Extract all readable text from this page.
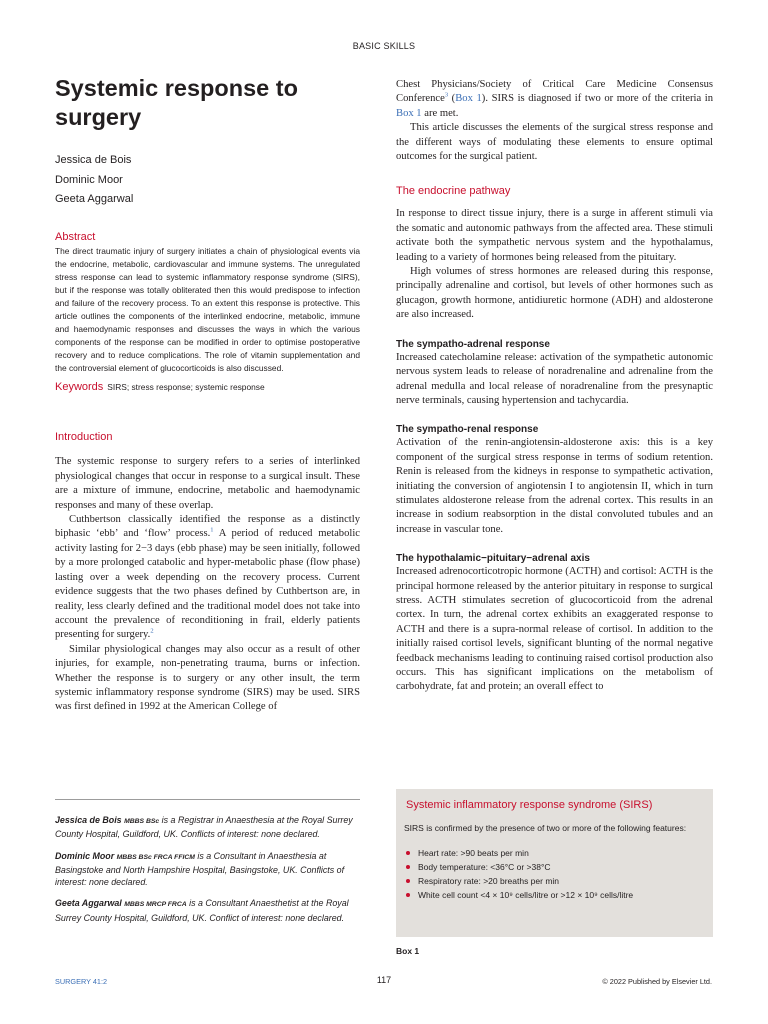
BASIC SKILLS
Systemic response to surgery
Jessica de Bois
Dominic Moor
Geeta Aggarwal
Abstract

The direct traumatic injury of surgery initiates a chain of physiological events via the endocrine, metabolic, cardiovascular and immune systems. The unregulated stress response can lead to systemic inflammatory response syndrome (SIRS), but if the response was totally obliterated then this would predispose to infection and failure of the recovery process. To an extent this response is protective. This article outlines the components of the interlinked endocrine, metabolic, immune and haemodynamic responses and discusses the ways in which the various components of the response can be modified in order to optimise postoperative recovery and to reduce complications. The role of vitamin supplementation and the controversial element of glucocorticoids is also discussed.

Keywords SIRS; stress response; systemic response
Introduction

The systemic response to surgery refers to a series of interlinked physiological changes that occur in response to a surgical insult. These are a mixture of immune, endocrine, metabolic and haemodynamic responses and many of these overlap.

Cuthbertson classically identified the response as a distinctly biphasic ‘ebb’ and ‘flow’ process.$^1$ A period of reduced metabolic activity lasting for 2−3 days (ebb phase) may be seen initially, followed by a more prolonged catabolic and hyper-metabolic phase (flow phase) lasting over a week depending on the recovery process. Current evidence suggests that the two phases defined by Cuthbertson are, in reality, less clearly defined and the traditional model does not take into account the prevalence of reconditioning in frail, elderly patients presenting for surgery.$^2$

Similar physiological changes may also occur as a result of other injuries, for example, non-penetrating trauma, burns or infection. Whether the response is to surgery or any other insult, the term systemic inflammatory response syndrome (SIRS) may be used. SIRS was first defined in 1992 at the American College of

Chest Physicians/Society of Critical Care Medicine Consensus Conference$^3$ (Box 1). SIRS is diagnosed if two or more of the criteria in Box 1 are met.

This article discusses the elements of the surgical stress response and the different ways of modulating these elements to ensure optimal outcomes for the surgical patient.

The endocrine pathway

In response to direct tissue injury, there is a surge in afferent stimuli via the somatic and autonomic pathways from the affected area. These stimuli activate both the sympathetic nervous system and the hypothalamus, leading to a variety of hormones being released from the pituitary.

High volumes of stress hormones are released during this response, principally adrenaline and cortisol, but levels of other hormones such as glucagon, growth hormone, antidiuretic hormone (ADH) and aldosterone are also increased.

The sympatho-adrenal response

Increased catecholamine release: activation of the sympathetic autonomic nervous system leads to release of noradrenaline and adrenaline from the adrenal medulla and local release of noradrenaline from the presynaptic nerve terminals, causing hypertension and tachycardia.

The sympatho-renal response

Activation of the renin-angiotensin-aldosterone axis: this is a key component of the surgical stress response in terms of sodium retention. Renin is released from the kidneys in response to sympathetic activation, initiating the conversion of angiotensin I to angiotensin II, which in turn stimulates aldosterone release from the adrenal cortex. This results in an increase in sodium reabsorption in the distal convoluted tubules and an increase in vascular tone.

The hypothalamic−pituitary−adrenal axis

Increased adrenocorticotropic hormone (ACTH) and cortisol: ACTH is the principal hormone released by the anterior pituitary in response to surgical stress. ACTH stimulates secretion of glucocorticoid from the adrenal cortex. In turn, the adrenal cortex exhibits an exaggerated response to ACTH and there is a supra-normal release of cortisol. In addition to the initially raised cortisol levels, significant blunting of the normal negative feedback mechanisms leading to continuing raised cortisol production also occurs. This has significant implications on the metabolism of carbohydrate, fat and protein; an overall effect to

Jessica de Bois MBBS BSc is a Registrar in Anaesthesia at the Royal Surrey County Hospital, Guildford, UK. Conflicts of interest: none declared.

Dominic Moor MBBS BSc FRCA FFICM is a Consultant in Anaesthesia at Basingstoke and North Hampshire Hospital, Basingstoke, UK. Conflicts of interest: none declared.

Geeta Aggarwal MBBS MRCP FRCA is a Consultant Anaesthetist at the Royal Surrey County Hospital, Guildford, UK. Conflict of interest: none declared.

Systemic inflammatory response syndrome (SIRS)

SIRS is confirmed by the presence of two or more of the following features:

Heart rate: >90 beats per min
Body temperature: <36°C or >38°C
Respiratory rate: >20 breaths per min
White cell count <4 × 10⁹ cells/litre or >12 × 10⁹ cells/litre
Box 1
SURGERY 41:2	117	© 2022 Published by Elsevier Ltd.
